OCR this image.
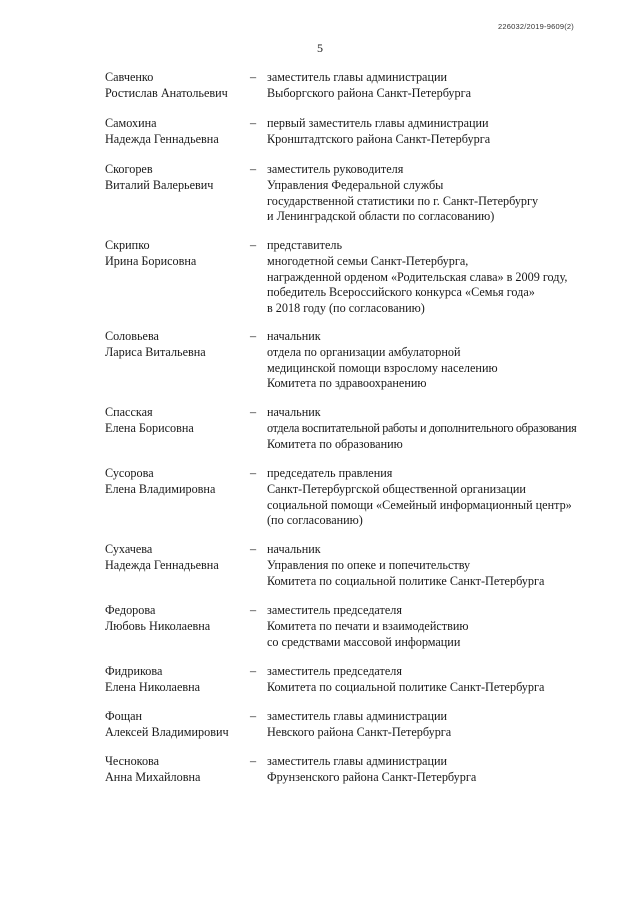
226032/2019-9609(2)
5
Савченко
Ростислав Анатольевич
– заместитель главы администрации
Выборгского района Санкт-Петербурга
Самохина
Надежда Геннадьевна
– первый заместитель главы администрации
Кронштадтского района Санкт-Петербурга
Скогорев
Виталий Валерьевич
– заместитель руководителя
Управления Федеральной службы
государственной статистики по г. Санкт-Петербургу
и Ленинградской области по согласованию)
Скрипко
Ирина Борисовна
– представитель
многодетной семьи Санкт-Петербурга,
награжденной орденом «Родительская слава» в 2009 году,
победитель Всероссийского конкурса «Семья года»
в 2018 году (по согласованию)
Соловьева
Лариса Витальевна
– начальник
отдела по организации амбулаторной
медицинской помощи взрослому населению
Комитета по здравоохранению
Спасская
Елена Борисовна
– начальник
отдела воспитательной работы и дополнительного образования
Комитета по образованию
Сусорова
Елена Владимировна
– председатель правления
Санкт-Петербургской общественной организации
социальной помощи «Семейный информационный центр»
(по согласованию)
Сухачева
Надежда Геннадьевна
– начальник
Управления по опеке и попечительству
Комитета по социальной политике Санкт-Петербурга
Федорова
Любовь Николаевна
– заместитель председателя
Комитета по печати и взаимодействию
со средствами массовой информации
Фидрикова
Елена Николаевна
– заместитель председателя
Комитета по социальной политике Санкт-Петербурга
Фощан
Алексей Владимирович
– заместитель главы администрации
Невского района Санкт-Петербурга
Чеснокова
Анна Михайловна
– заместитель главы администрации
Фрунзенского района Санкт-Петербурга
